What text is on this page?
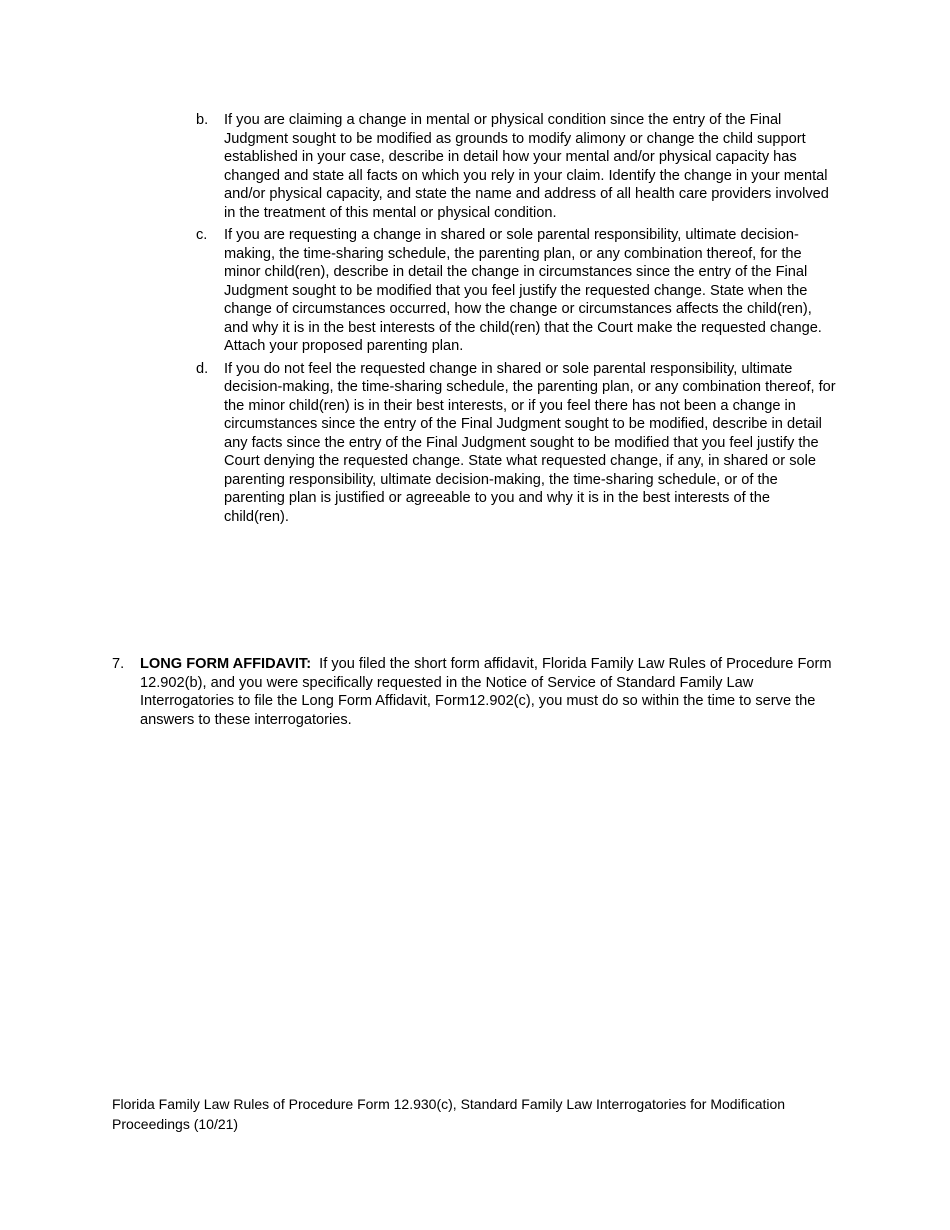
b. If you are claiming a change in mental or physical condition since the entry of the Final Judgment sought to be modified as grounds to modify alimony or change the child support established in your case, describe in detail how your mental and/or physical capacity has changed and state all facts on which you rely in your claim. Identify the change in your mental and/or physical capacity, and state the name and address of all health care providers involved in the treatment of this mental or physical condition.
c. If you are requesting a change in shared or sole parental responsibility, ultimate decision-making, the time-sharing schedule, the parenting plan, or any combination thereof, for the minor child(ren), describe in detail the change in circumstances since the entry of the Final Judgment sought to be modified that you feel justify the requested change. State when the change of circumstances occurred, how the change or circumstances affects the child(ren), and why it is in the best interests of the child(ren) that the Court make the requested change. Attach your proposed parenting plan.
d. If you do not feel the requested change in shared or sole parental responsibility, ultimate decision-making, the time-sharing schedule, the parenting plan, or any combination thereof, for the minor child(ren) is in their best interests, or if you feel there has not been a change in circumstances since the entry of the Final Judgment sought to be modified, describe in detail any facts since the entry of the Final Judgment sought to be modified that you feel justify the Court denying the requested change. State what requested change, if any, in shared or sole parenting responsibility, ultimate decision-making, the time-sharing schedule, or of the parenting plan is justified or agreeable to you and why it is in the best interests of the child(ren).
7. LONG FORM AFFIDAVIT:  If you filed the short form affidavit, Florida Family Law Rules of Procedure Form 12.902(b), and you were specifically requested in the Notice of Service of Standard Family Law Interrogatories to file the Long Form Affidavit, Form12.902(c), you must do so within the time to serve the answers to these interrogatories.
Florida Family Law Rules of Procedure Form 12.930(c), Standard Family Law Interrogatories for Modification Proceedings (10/21)
